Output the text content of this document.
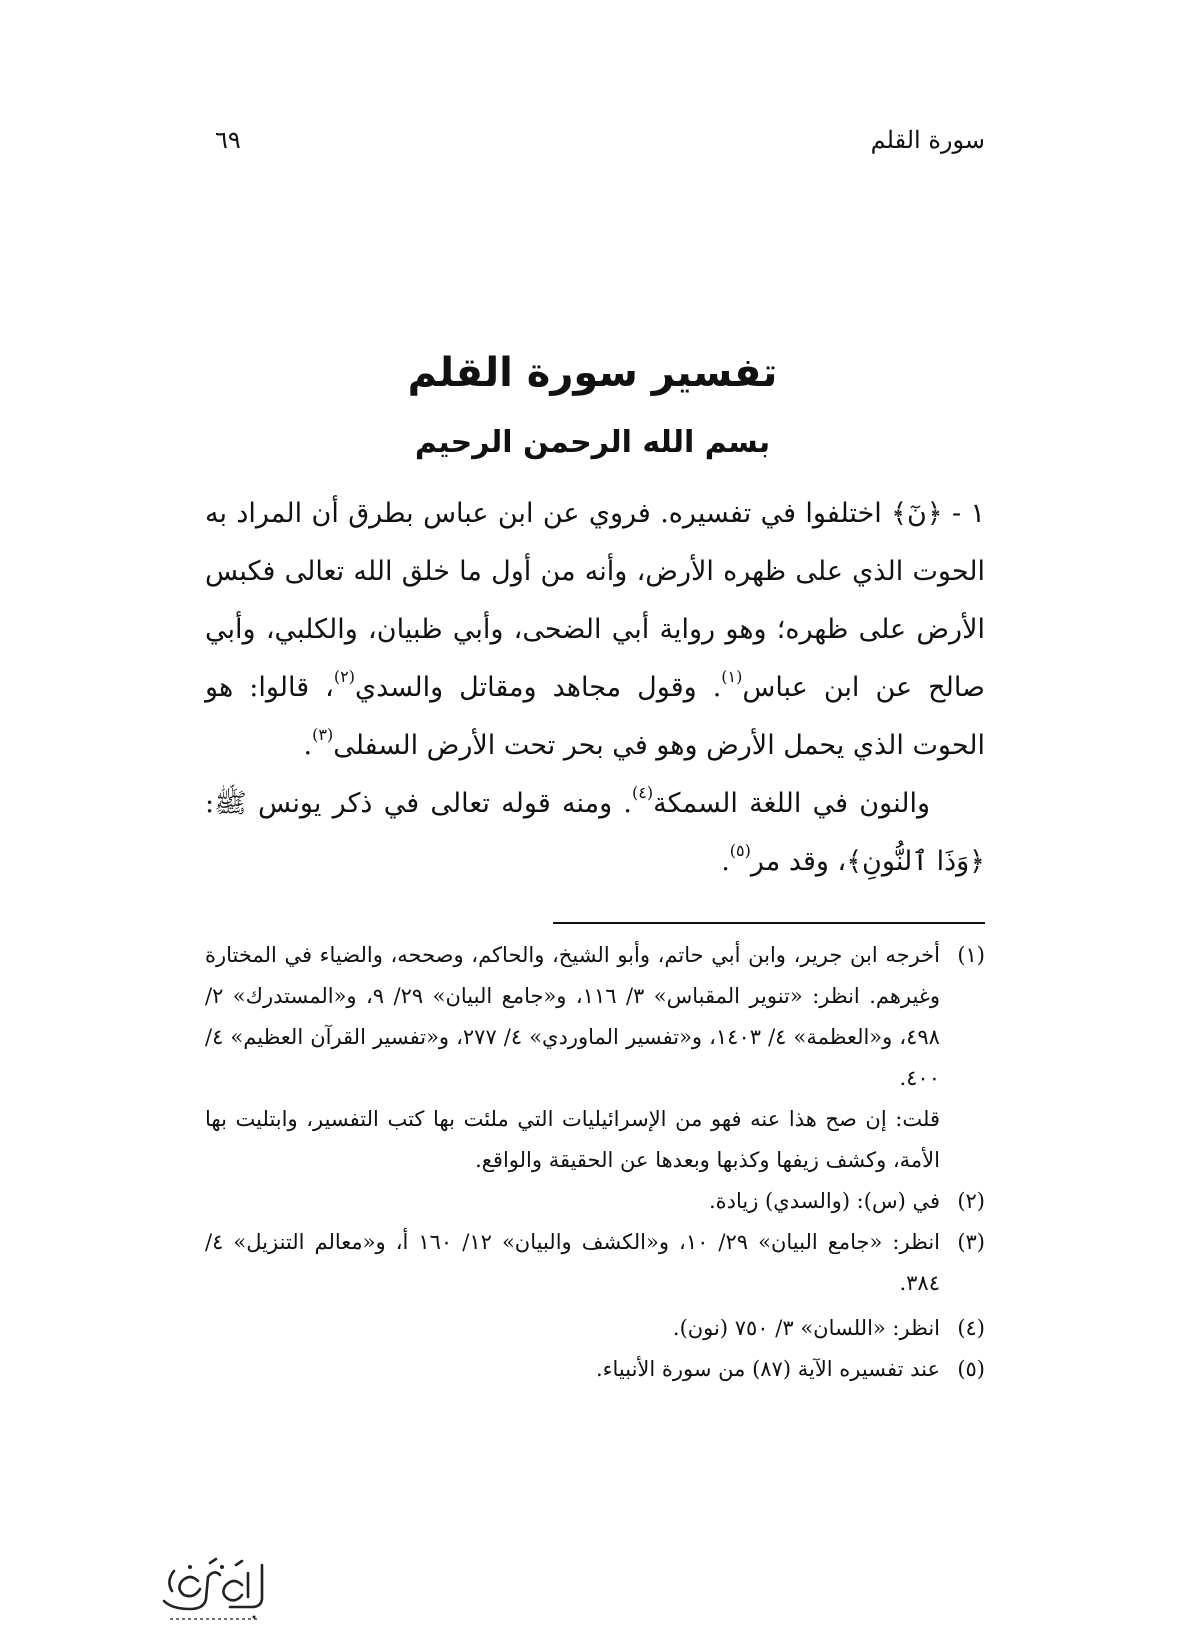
سورة القلم
٦٩
تفسير سورة القلم
بسم الله الرحمن الرحيم

١ - ﴿نٓ﴾ اختلفوا في تفسيره. فروي عن ابن عباس بطرق أن المراد به الحوت الذي على ظهره الأرض، وأنه من أول ما خلق الله تعالى فكبس الأرض على ظهره؛ وهو رواية أبي الضحى، وأبي ظبيان، والكلبي، وأبي صالح عن ابن عباس$^{(١)}$. وقول مجاهد ومقاتل والسدي$^{(٢)}$، قالوا: هو الحوت الذي يحمل الأرض وهو في بحر تحت الأرض السفلى$^{(٣)}$.

والنون في اللغة السمكة$^{(٤)}$. ومنه قوله تعالى في ذكر يونس ﷺ: ﴿وَذَا ٱلنُّونِ﴾، وقد مر$^{(٥)}$.

(١)

أخرجه ابن جرير، وابن أبي حاتم، وأبو الشيخ، والحاكم، وصححه، والضياء في المختارة وغيرهم. انظر: «تنوير المقباس» ٣/ ١١٦، و«جامع البيان» ٢٩/ ٩، و«المستدرك» ٢/ ٤٩٨، و«العظمة» ٤/ ١٤٠٣، و«تفسير الماوردي» ٤/ ٢٧٧، و«تفسير القرآن العظيم» ٤/ ٤٠٠.

قلت: إن صح هذا عنه فهو من الإسرائيليات التي ملئت بها كتب التفسير، وابتليت بها الأمة، وكشف زيفها وكذبها وبعدها عن الحقيقة والواقع.

(٢)

في (س): (والسدي) زيادة.

(٣)

انظر: «جامع البيان» ٢٩/ ١٠، و«الكشف والبيان» ١٢/ ١٦٠ أ، و«معالم التنزيل» ٤/ ٣٨٤.

(٤)

انظر: «اللسان» ٣/ ٧٥٠ (نون).

(٥)

عند تفسيره الآية (٨٧) من سورة الأنبياء.
